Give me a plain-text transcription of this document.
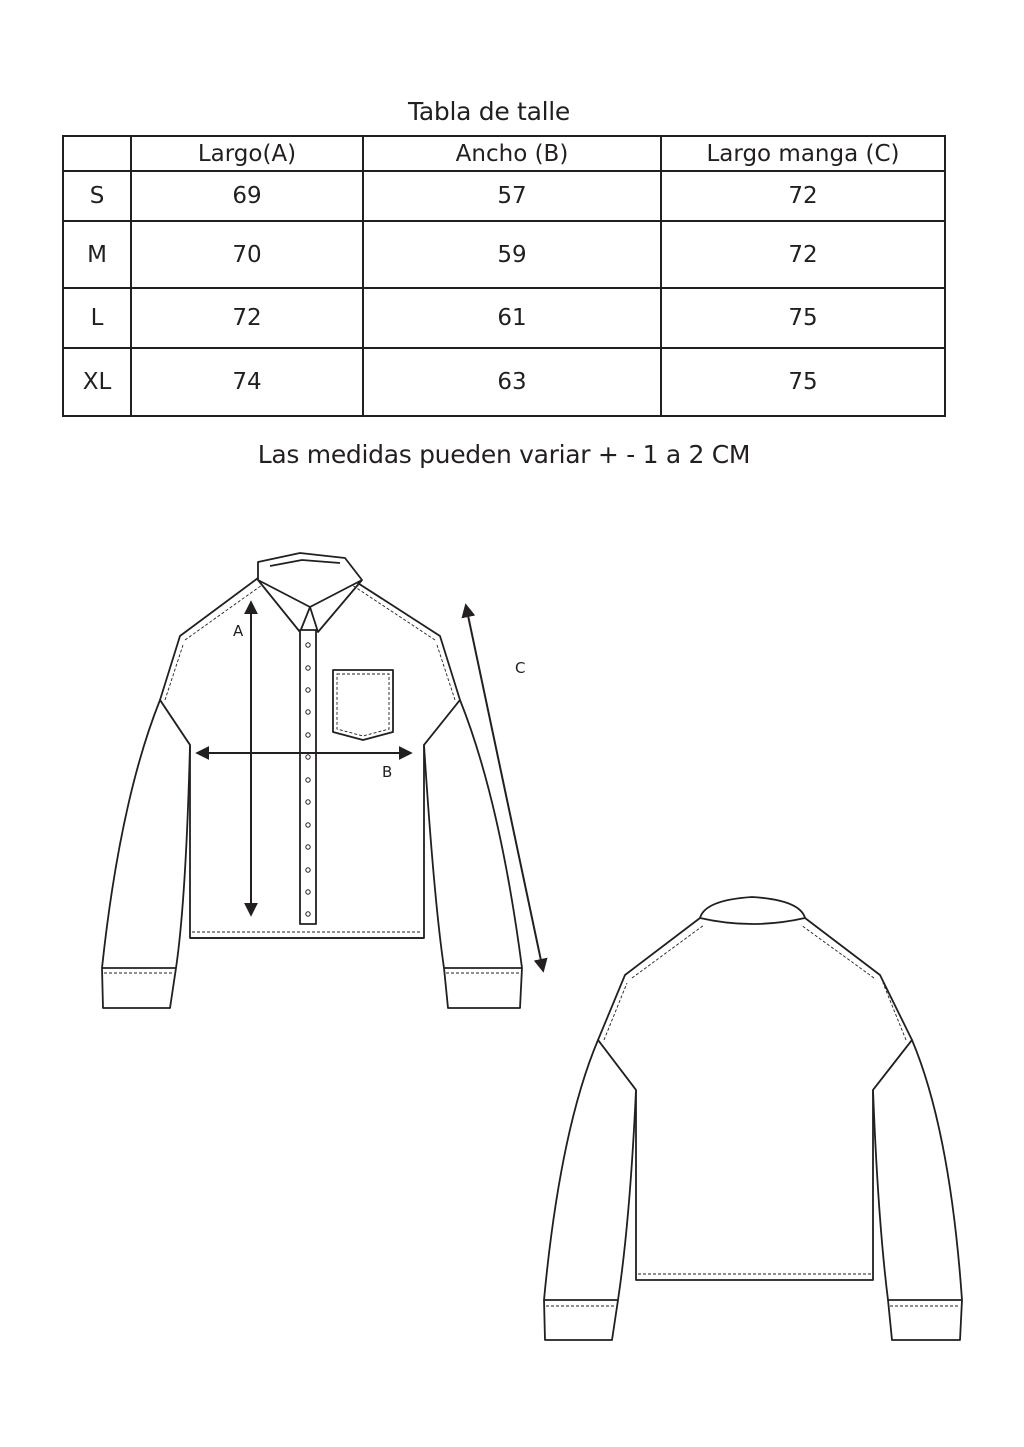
Tabla de talle
	Largo(A)	Ancho (B)	Largo manga (C)
S	69	57	72
M	70	59	72
L	72	61	75
XL	74	63	75
Las medidas pueden variar + - 1 a 2 CM
A
B
C
